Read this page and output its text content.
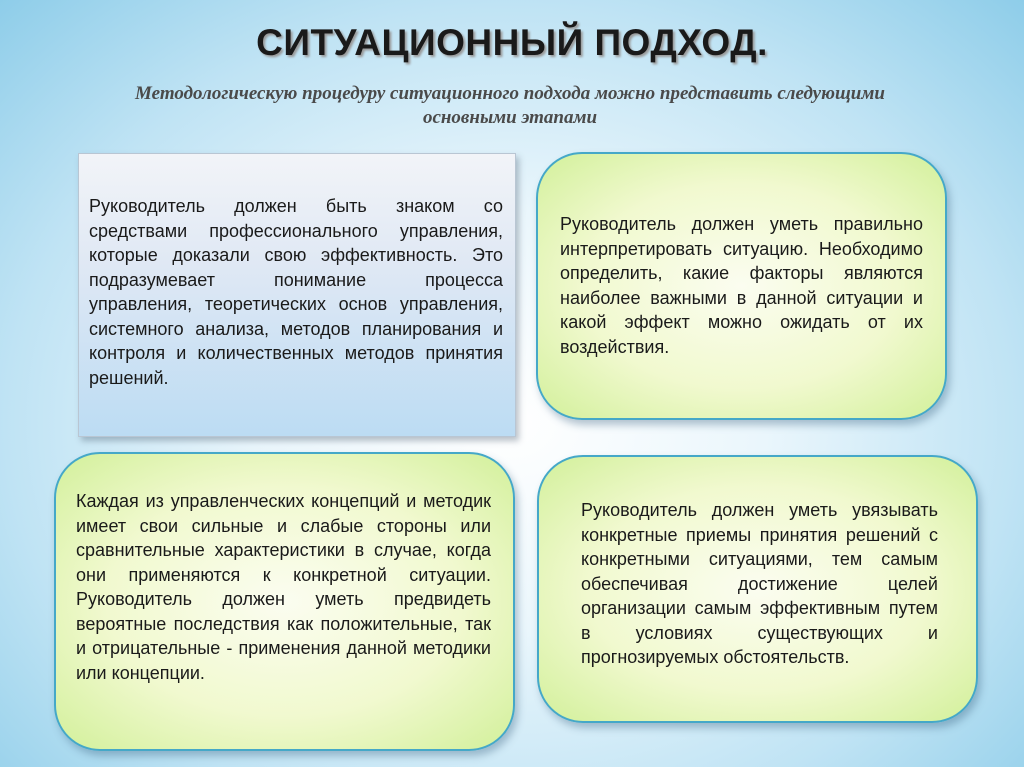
СИТУАЦИОННЫЙ ПОДХОД.

Методологическую процедуру ситуационного подхода можно представить следующими основными этапами

Руководитель должен быть знаком со средствами профессионального управления, которые доказали свою эффективность. Это подразумевает понимание процесса управления, теоретических основ управления, системного анализа, методов планирования и контроля и количественных методов принятия решений.

Руководитель должен уметь правильно интерпретировать ситуацию. Необходимо определить, какие факторы являются наиболее важными в данной ситуации и какой эффект можно ожидать от их воздействия.

Каждая из управленческих концепций и методик имеет свои сильные и слабые стороны или сравнительные характеристики в случае, когда они применяются к конкретной ситуации. Руководитель должен уметь предвидеть вероятные последствия как положительные, так и отрицательные - применения данной методики или концепции.

Руководитель должен уметь увязывать конкретные приемы принятия решений с конкретными ситуациями, тем самым обеспечивая достижение целей организации самым эффективным путем в условиях существующих и прогнозируемых обстоятельств.
